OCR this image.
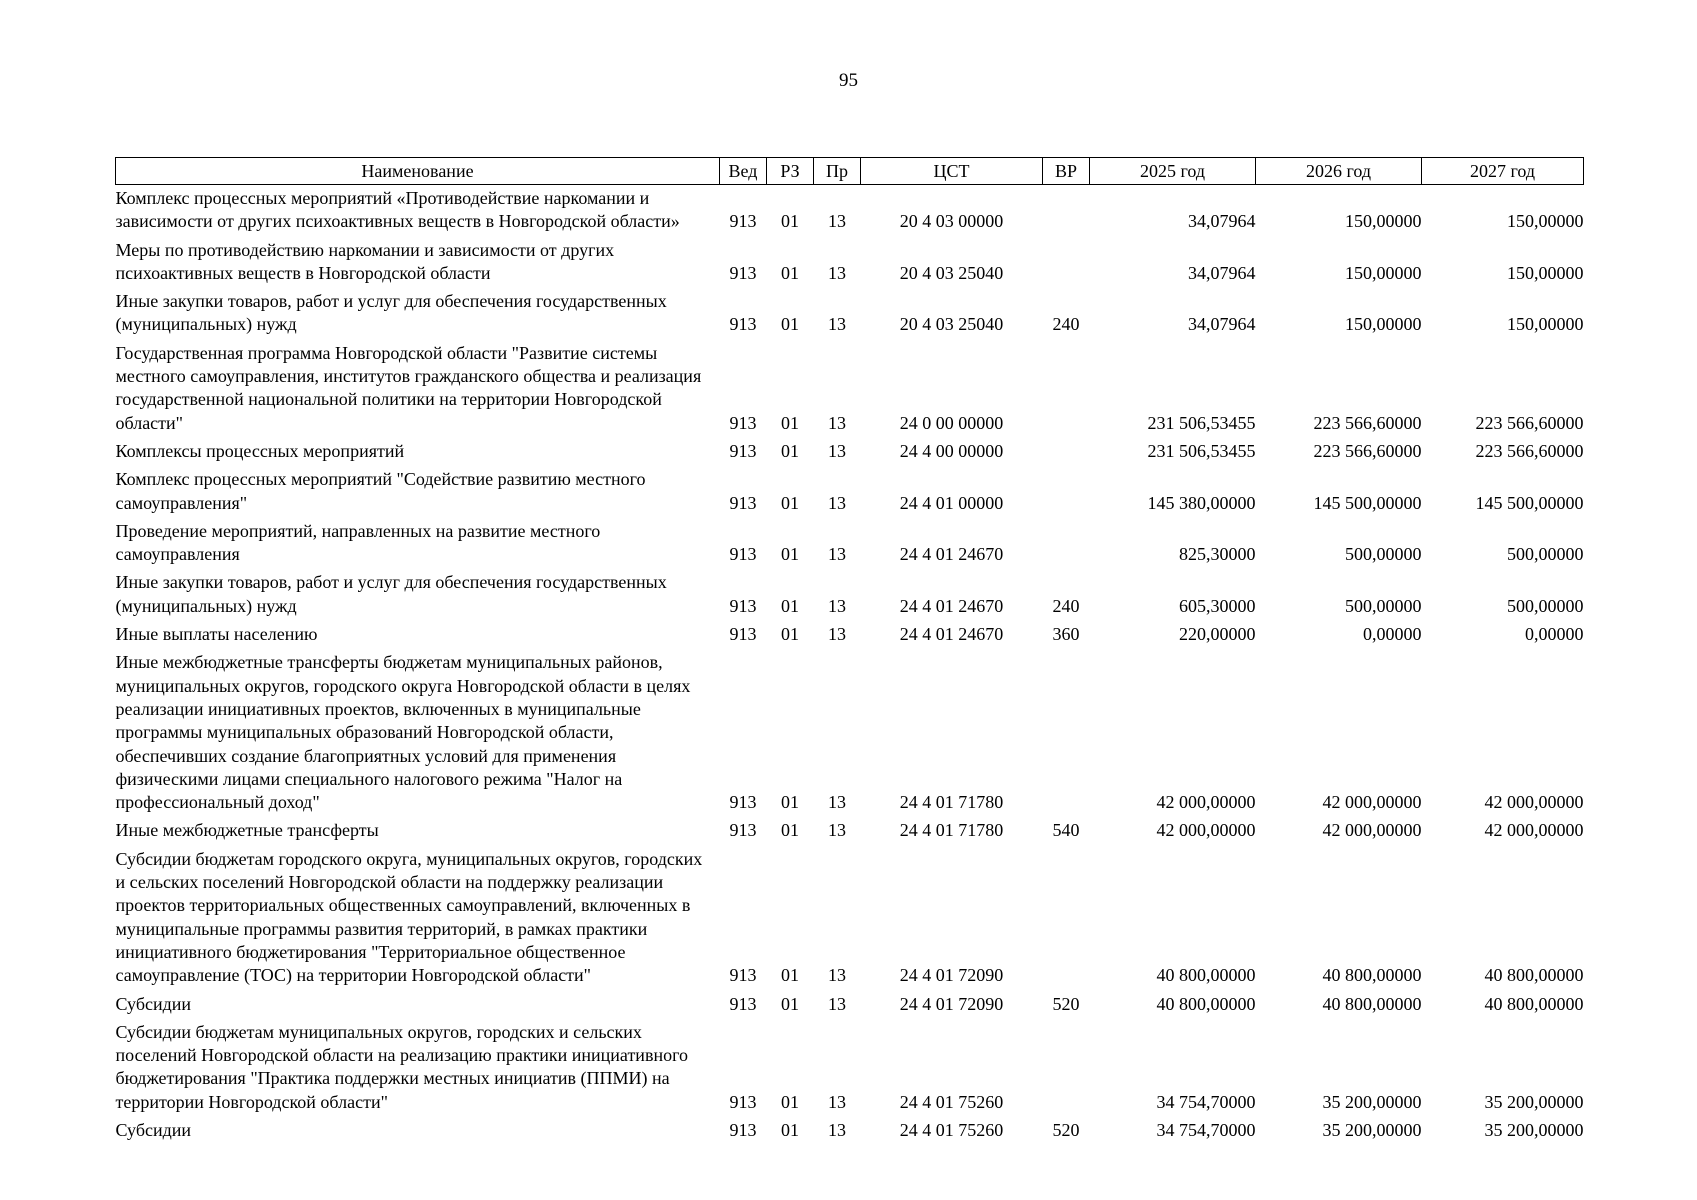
95
Наименование	Вед	РЗ	Пр	ЦСТ	ВР	2025 год	2026 год	2027 год
Комплекс процессных мероприятий «Противодействие наркомании и зависимости от других психоактивных веществ в Новгородской области»	913	01	13	20 4 03 00000		34,07964	150,00000	150,00000
Меры по противодействию наркомании и зависимости от других психоактивных веществ в Новгородской области	913	01	13	20 4 03 25040		34,07964	150,00000	150,00000
Иные закупки товаров, работ и услуг для обеспечения государственных (муниципальных) нужд	913	01	13	20 4 03 25040	240	34,07964	150,00000	150,00000
Государственная программа Новгородской области "Развитие системы местного самоуправления, институтов гражданского общества и реализация государственной национальной политики на территории Новгородской области"	913	01	13	24 0 00 00000		231 506,53455	223 566,60000	223 566,60000
Комплексы процессных мероприятий	913	01	13	24 4 00 00000		231 506,53455	223 566,60000	223 566,60000
Комплекс процессных мероприятий "Содействие развитию местного самоуправления"	913	01	13	24 4 01 00000		145 380,00000	145 500,00000	145 500,00000
Проведение мероприятий, направленных на развитие местного самоуправления	913	01	13	24 4 01 24670		825,30000	500,00000	500,00000
Иные закупки товаров, работ и услуг для обеспечения государственных (муниципальных) нужд	913	01	13	24 4 01 24670	240	605,30000	500,00000	500,00000
Иные выплаты населению	913	01	13	24 4 01 24670	360	220,00000	0,00000	0,00000
Иные межбюджетные трансферты бюджетам муниципальных районов, муниципальных округов, городского округа Новгородской области в целях реализации инициативных проектов, включенных в муниципальные программы муниципальных образований Новгородской области, обеспечивших создание благоприятных условий для применения физическими лицами специального налогового режима "Налог на профессиональный доход"	913	01	13	24 4 01 71780		42 000,00000	42 000,00000	42 000,00000
Иные межбюджетные трансферты	913	01	13	24 4 01 71780	540	42 000,00000	42 000,00000	42 000,00000
Субсидии бюджетам городского округа, муниципальных округов, городских и сельских поселений Новгородской области на поддержку реализации проектов территориальных общественных самоуправлений, включенных в муниципальные программы развития территорий, в рамках практики инициативного бюджетирования "Территориальное общественное самоуправление (ТОС) на территории Новгородской области"	913	01	13	24 4 01 72090		40 800,00000	40 800,00000	40 800,00000
Субсидии	913	01	13	24 4 01 72090	520	40 800,00000	40 800,00000	40 800,00000
Субсидии бюджетам муниципальных округов, городских и сельских поселений Новгородской области на реализацию практики инициативного бюджетирования "Практика поддержки местных инициатив (ППМИ) на территории Новгородской области"	913	01	13	24 4 01 75260		34 754,70000	35 200,00000	35 200,00000
Субсидии	913	01	13	24 4 01 75260	520	34 754,70000	35 200,00000	35 200,00000
